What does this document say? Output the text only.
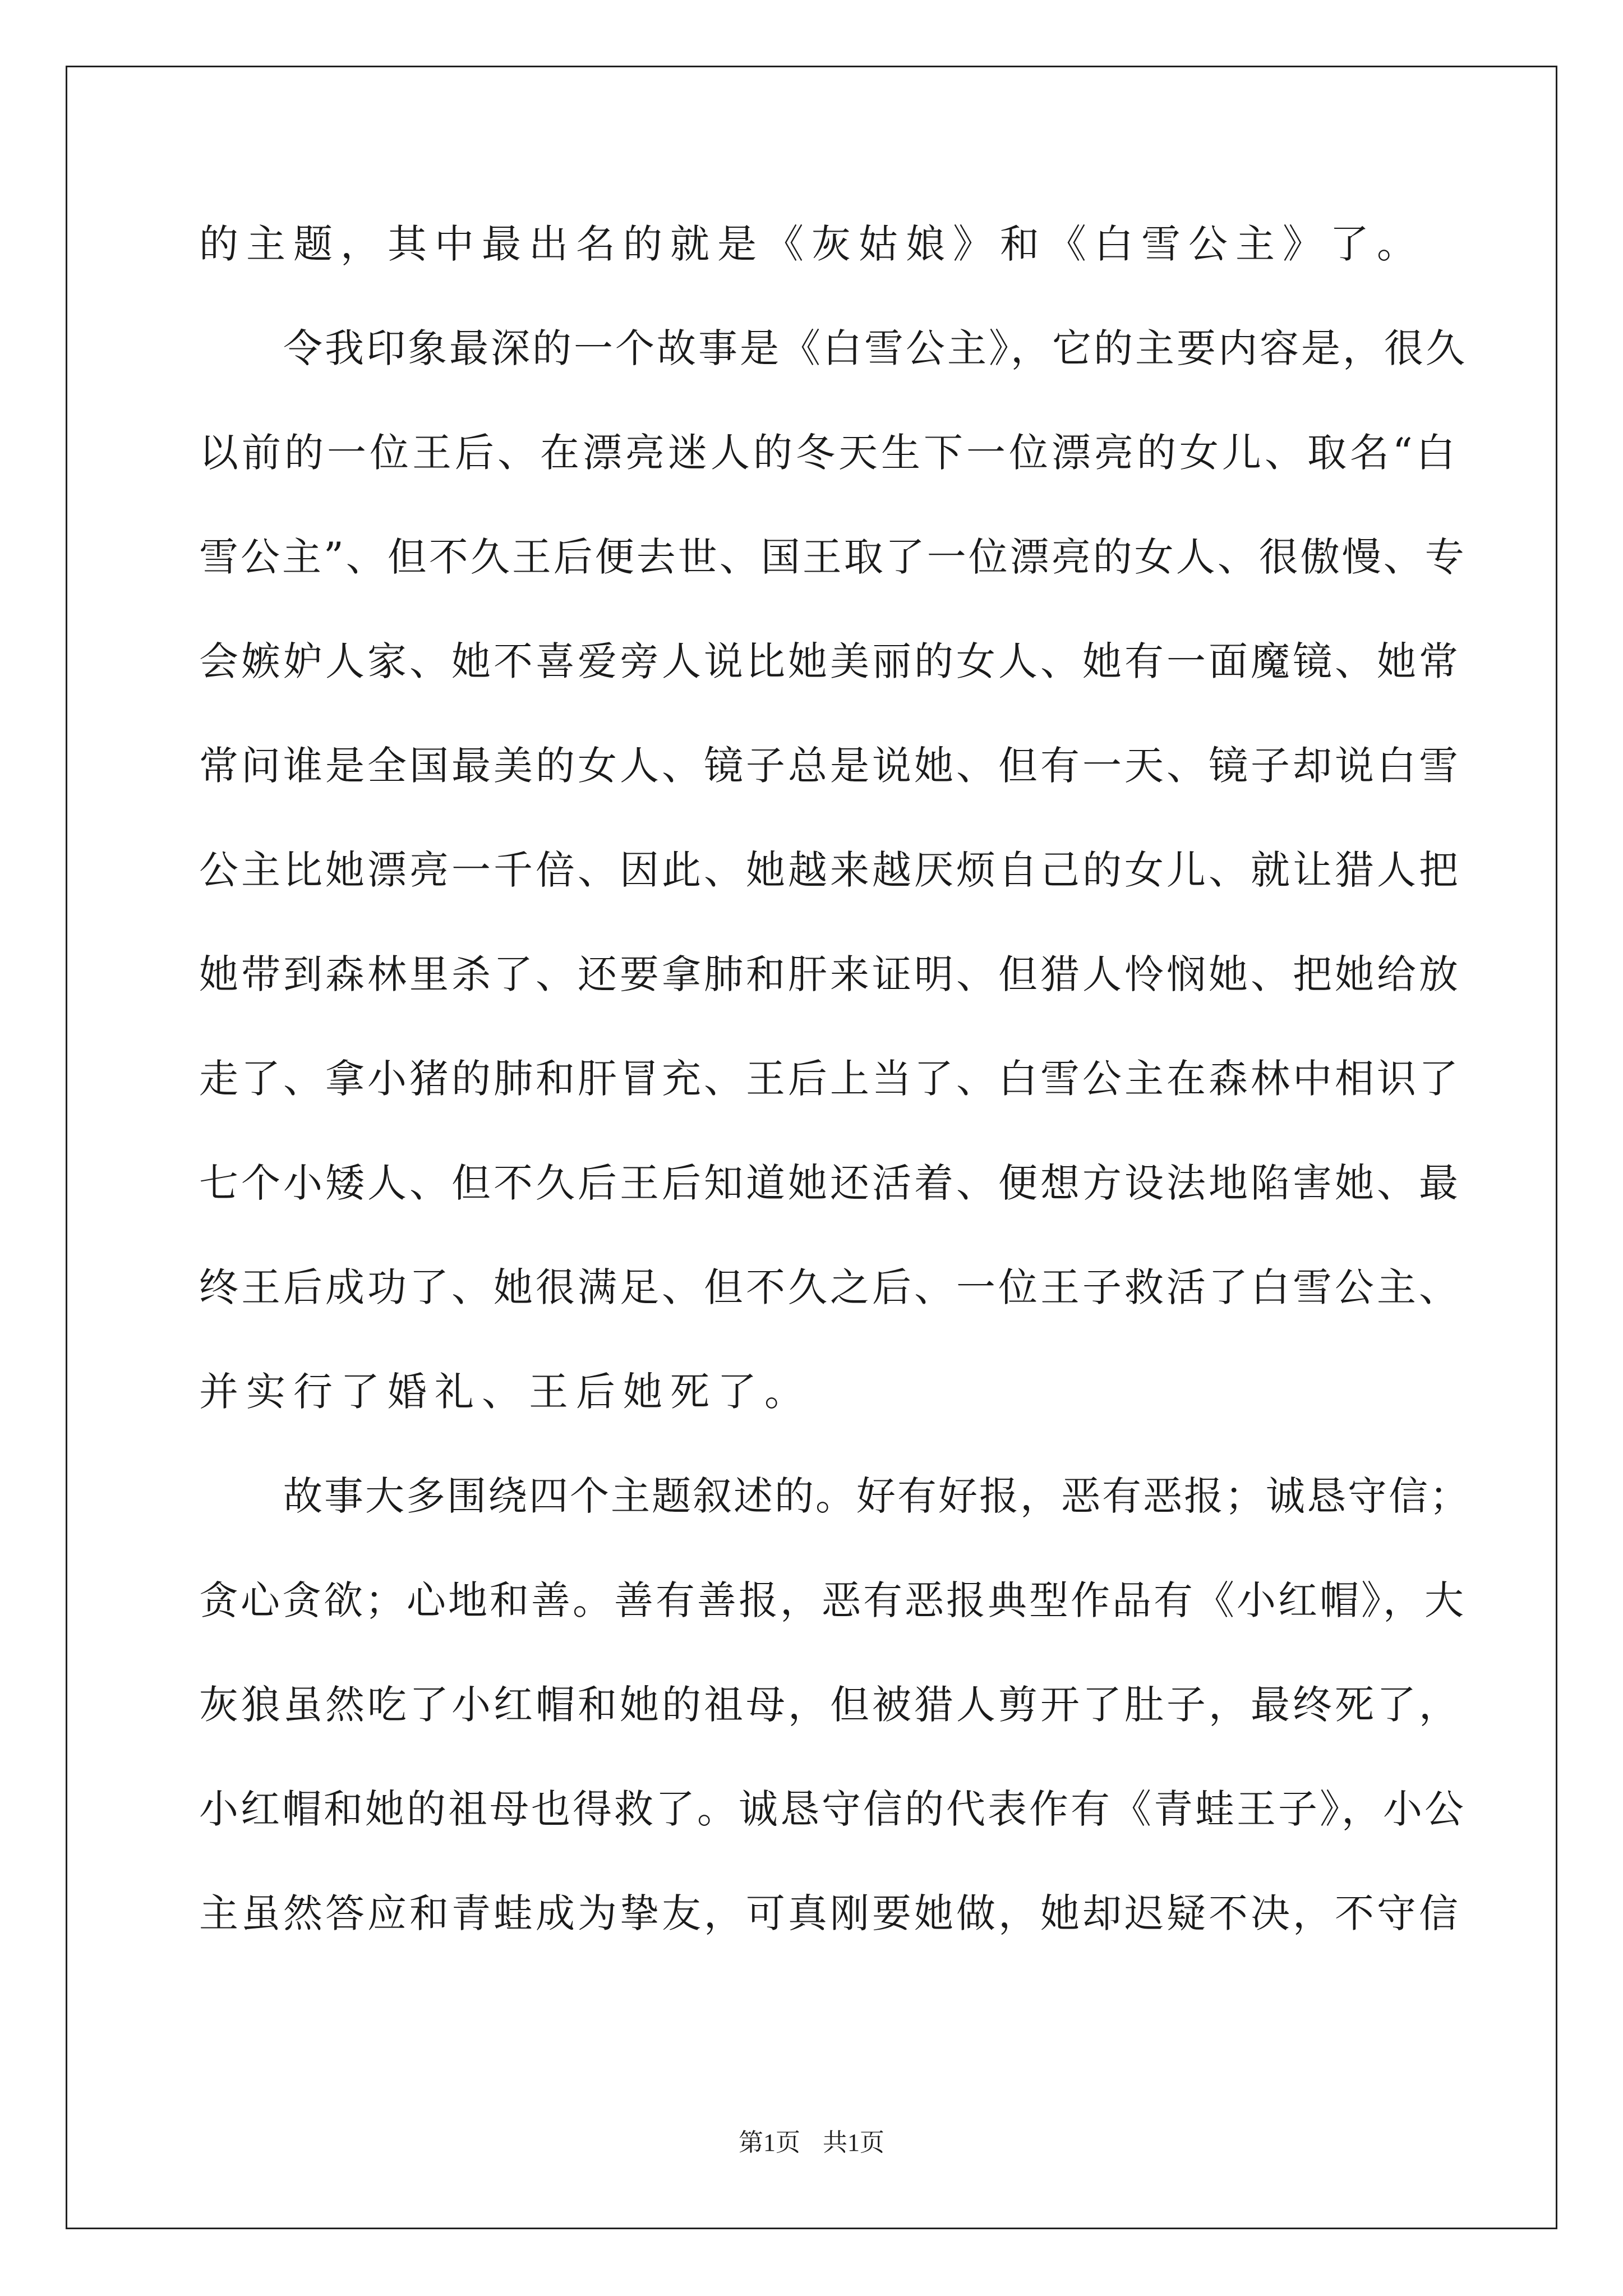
的主题，其中最出名的就是《灰姑娘》和《白雪公主》了。
令我印象最深的一个故事是《白雪公主》，它的主要内容是，很久
以前的一位王后、在漂亮迷人的冬天生下一位漂亮的女儿、取名“白
雪公主”、但不久王后便去世、国王取了一位漂亮的女人、很傲慢、专
会嫉妒人家、她不喜爱旁人说比她美丽的女人、她有一面魔镜、她常
常问谁是全国最美的女人、镜子总是说她、但有一天、镜子却说白雪
公主比她漂亮一千倍、因此、她越来越厌烦自己的女儿、就让猎人把
她带到森林里杀了、还要拿肺和肝来证明、但猎人怜悯她、把她给放
走了、拿小猪的肺和肝冒充、王后上当了、白雪公主在森林中相识了
七个小矮人、但不久后王后知道她还活着、便想方设法地陷害她、最
终王后成功了、她很满足、但不久之后、一位王子救活了白雪公主、
并实行了婚礼、王后她死了。
故事大多围绕四个主题叙述的。好有好报，恶有恶报；诚恳守信；
贪心贪欲；心地和善。善有善报，恶有恶报典型作品有《小红帽》，大
灰狼虽然吃了小红帽和她的祖母，但被猎人剪开了肚子，最终死了，
小红帽和她的祖母也得救了。诚恳守信的代表作有《青蛙王子》，小公
主虽然答应和青蛙成为挚友，可真刚要她做，她却迟疑不决，不守信
第1页 共1页
